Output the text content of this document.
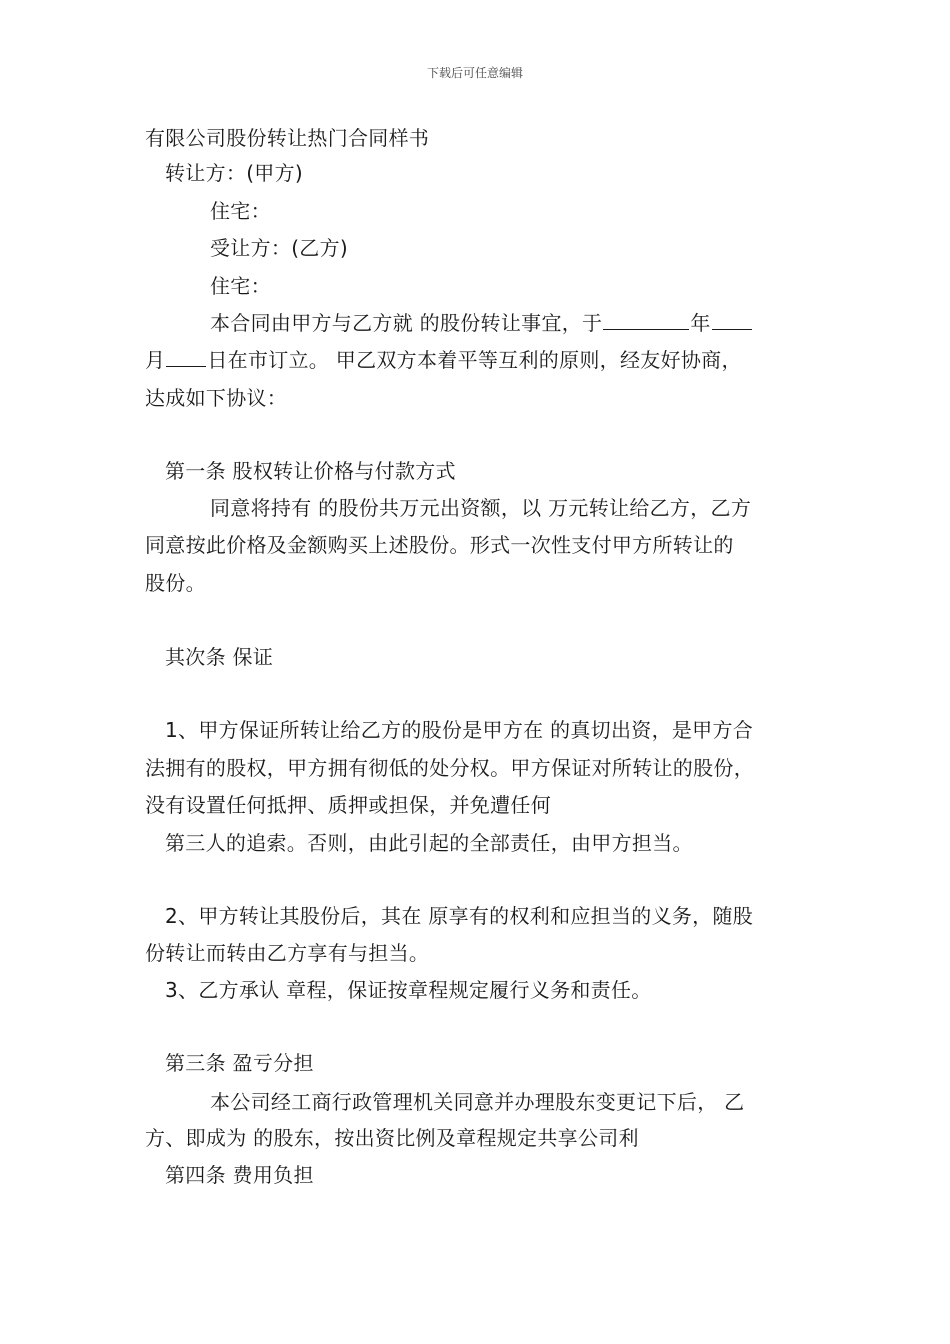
下载后可任意编辑
有限公司股份转让热门合同样书
转让方：(甲方)
住宅：
受让方：(乙方)
住宅：
本合同由甲方与乙方就 的股份转让事宜，于	年
月 日在市订立。 甲乙双方本着平等互利的原则，经友好协商，
达成如下协议：
第一条 股权转让价格与付款方式
同意将持有 的股份共万元出资额，以 万元转让给乙方，乙方
同意按此价格及金额购买上述股份。形式一次性支付甲方所转让的
股份。
其次条 保证
1、甲方保证所转让给乙方的股份是甲方在 的真切出资，是甲方合
法拥有的股权，甲方拥有彻低的处分权。甲方保证对所转让的股份，
没有设置任何抵押、质押或担保，并免遭任何
第三人的追索。否则，由此引起的全部责任，由甲方担当。
2、甲方转让其股份后，其在 原享有的权利和应担当的义务，随股
份转让而转由乙方享有与担当。
3、乙方承认 章程，保证按章程规定履行义务和责任。
第三条 盈亏分担
本公司经工商行政管理机关同意并办理股东变更记下后， 乙
方、即成为 的股东，按出资比例及章程规定共享公司利
第四条 费用负担
